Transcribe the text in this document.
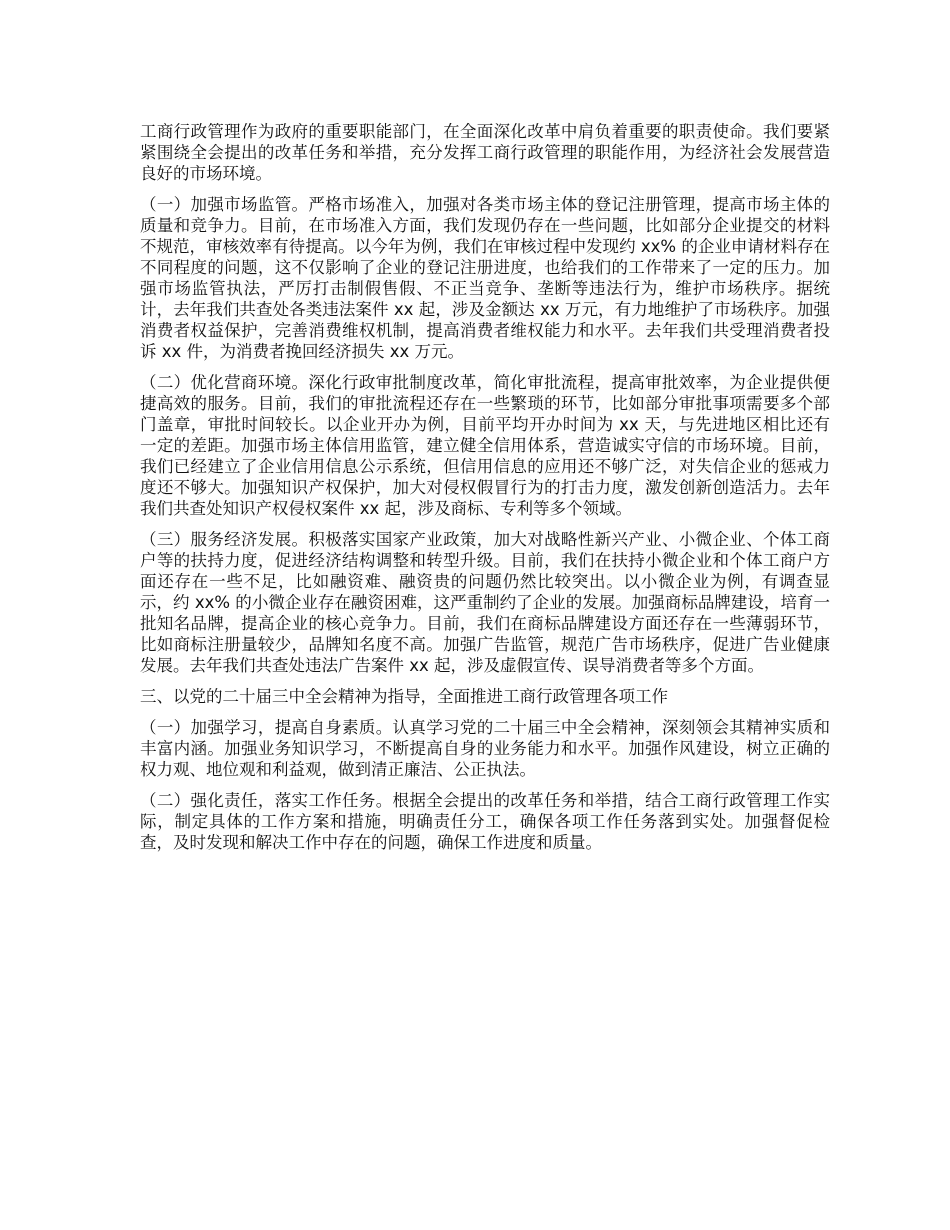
工商行政管理作为政府的重要职能部门，在全面深化改革中肩负着重要的职责使命。我们要紧紧围绕全会提出的改革任务和举措，充分发挥工商行政管理的职能作用，为经济社会发展营造良好的市场环境。

（一）加强市场监管。严格市场准入，加强对各类市场主体的登记注册管理，提高市场主体的质量和竞争力。目前，在市场准入方面，我们发现仍存在一些问题，比如部分企业提交的材料不规范，审核效率有待提高。以今年为例，我们在审核过程中发现约 xx% 的企业申请材料存在不同程度的问题，这不仅影响了企业的登记注册进度，也给我们的工作带来了一定的压力。加强市场监管执法，严厉打击制假售假、不正当竞争、垄断等违法行为，维护市场秩序。据统计，去年我们共查处各类违法案件 xx 起，涉及金额达 xx 万元，有力地维护了市场秩序。加强消费者权益保护，完善消费维权机制，提高消费者维权能力和水平。去年我们共受理消费者投诉 xx 件，为消费者挽回经济损失 xx 万元。

（二）优化营商环境。深化行政审批制度改革，简化审批流程，提高审批效率，为企业提供便捷高效的服务。目前，我们的审批流程还存在一些繁琐的环节，比如部分审批事项需要多个部门盖章，审批时间较长。以企业开办为例，目前平均开办时间为 xx 天，与先进地区相比还有一定的差距。加强市场主体信用监管，建立健全信用体系，营造诚实守信的市场环境。目前，我们已经建立了企业信用信息公示系统，但信用信息的应用还不够广泛，对失信企业的惩戒力度还不够大。加强知识产权保护，加大对侵权假冒行为的打击力度，激发创新创造活力。去年我们共查处知识产权侵权案件 xx 起，涉及商标、专利等多个领域。

（三）服务经济发展。积极落实国家产业政策，加大对战略性新兴产业、小微企业、个体工商户等的扶持力度，促进经济结构调整和转型升级。目前，我们在扶持小微企业和个体工商户方面还存在一些不足，比如融资难、融资贵的问题仍然比较突出。以小微企业为例，有调查显示，约 xx% 的小微企业存在融资困难，这严重制约了企业的发展。加强商标品牌建设，培育一批知名品牌，提高企业的核心竞争力。目前，我们在商标品牌建设方面还存在一些薄弱环节，比如商标注册量较少，品牌知名度不高。加强广告监管，规范广告市场秩序，促进广告业健康发展。去年我们共查处违法广告案件 xx 起，涉及虚假宣传、误导消费者等多个方面。

三、以党的二十届三中全会精神为指导，全面推进工商行政管理各项工作

（一）加强学习，提高自身素质。认真学习党的二十届三中全会精神，深刻领会其精神实质和丰富内涵。加强业务知识学习，不断提高自身的业务能力和水平。加强作风建设，树立正确的权力观、地位观和利益观，做到清正廉洁、公正执法。

（二）强化责任，落实工作任务。根据全会提出的改革任务和举措，结合工商行政管理工作实际，制定具体的工作方案和措施，明确责任分工，确保各项工作任务落到实处。加强督促检查，及时发现和解决工作中存在的问题，确保工作进度和质量。
